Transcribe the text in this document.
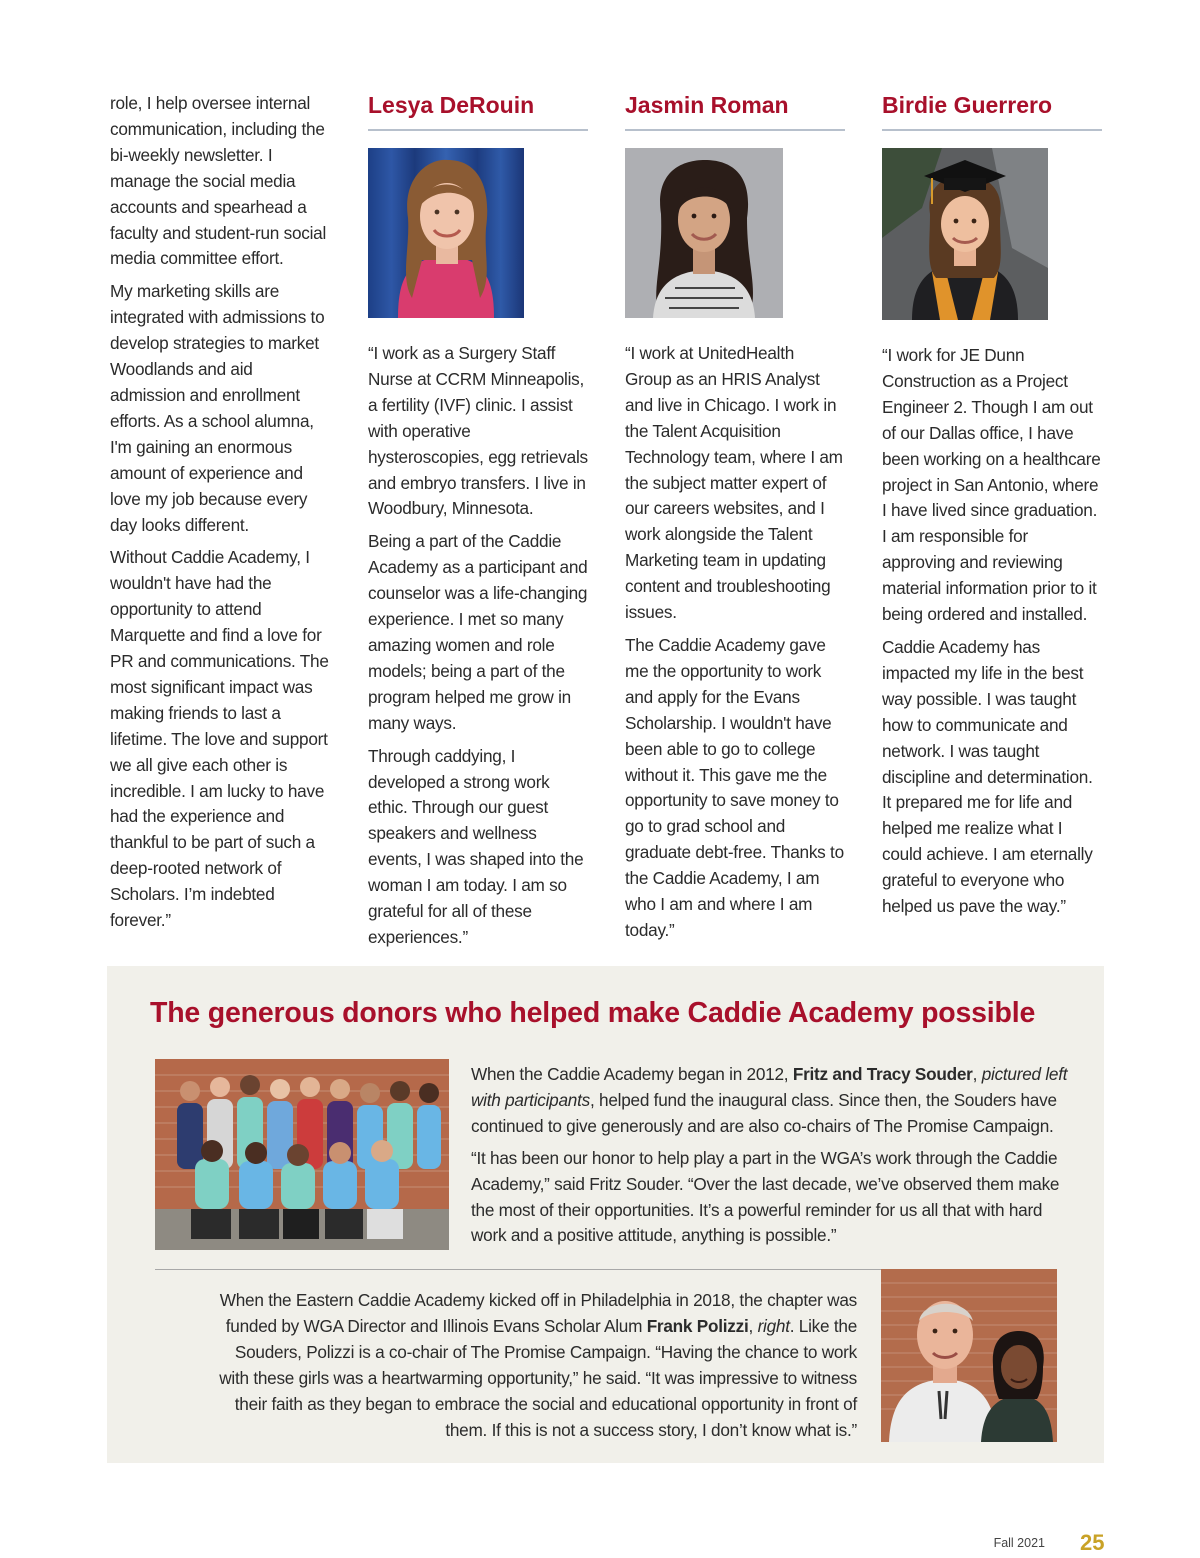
role, I help oversee internal communication, including the bi-weekly newsletter. I manage the social media accounts and spearhead a faculty and student-run social media committee effort.

My marketing skills are integrated with admissions to develop strategies to market Woodlands and aid admission and enrollment efforts. As a school alumna, I'm gaining an enormous amount of experience and love my job because every day looks different.

Without Caddie Academy, I wouldn't have had the opportunity to attend Marquette and find a love for PR and communications. The most significant impact was making friends to last a lifetime. The love and support we all give each other is incredible. I am lucky to have had the experience and thankful to be part of such a deep-rooted network of Scholars. I’m indebted forever.”

Lesya DeRouin

“I work as a Surgery Staff Nurse at CCRM Minneapolis, a fertility (IVF) clinic. I assist with operative hysteroscopies, egg retrievals and embryo transfers. I live in Woodbury, Minnesota.

Being a part of the Caddie Academy as a participant and counselor was a life-changing experience. I met so many amazing women and role models; being a part of the program helped me grow in many ways.

Through caddying, I developed a strong work ethic. Through our guest speakers and wellness events, I was shaped into the woman I am today. I am so grateful for all of these experiences.”

Jasmin Roman

“I work at UnitedHealth Group as an HRIS Analyst and live in Chicago. I work in the Talent Acquisition Technology team, where I am the subject matter expert of our careers websites, and I work alongside the Talent Marketing team in updating content and troubleshooting issues.

The Caddie Academy gave me the opportunity to work and apply for the Evans Scholarship. I wouldn't have been able to go to college without it. This gave me the opportunity to save money to go to grad school and graduate debt-free. Thanks to the Caddie Academy, I am who I am and where I am today.”

Birdie Guerrero

“I work for JE Dunn Construction as a Project Engineer 2. Though I am out of our Dallas office, I have been working on a healthcare project in San Antonio, where I have lived since graduation. I am responsible for approving and reviewing material information prior to it being ordered and installed.

Caddie Academy has impacted my life in the best way possible. I was taught how to communicate and network. I was taught discipline and determination. It prepared me for life and helped me realize what I could achieve. I am eternally grateful to everyone who helped us pave the way.”

The generous donors who helped make Caddie Academy possible

When the Caddie Academy began in 2012, Fritz and Tracy Souder, pictured left with participants, helped fund the inaugural class. Since then, the Souders have continued to give generously and are also co-chairs of The Promise Campaign.

“It has been our honor to help play a part in the WGA’s work through the Caddie Academy,” said Fritz Souder. “Over the last decade, we’ve observed them make the most of their opportunities. It’s a powerful reminder for us all that with hard work and a positive attitude, anything is possible.”

When the Eastern Caddie Academy kicked off in Philadelphia in 2018, the chapter was funded by WGA Director and Illinois Evans Scholar Alum Frank Polizzi, right. Like the Souders, Polizzi is a co-chair of The Promise Campaign. “Having the chance to work with these girls was a heartwarming opportunity,” he said. “It was impressive to witness their faith as they began to embrace the social and educational opportunity in front of them. If this is not a success story, I don’t know what is.”

Fall 2021 25
